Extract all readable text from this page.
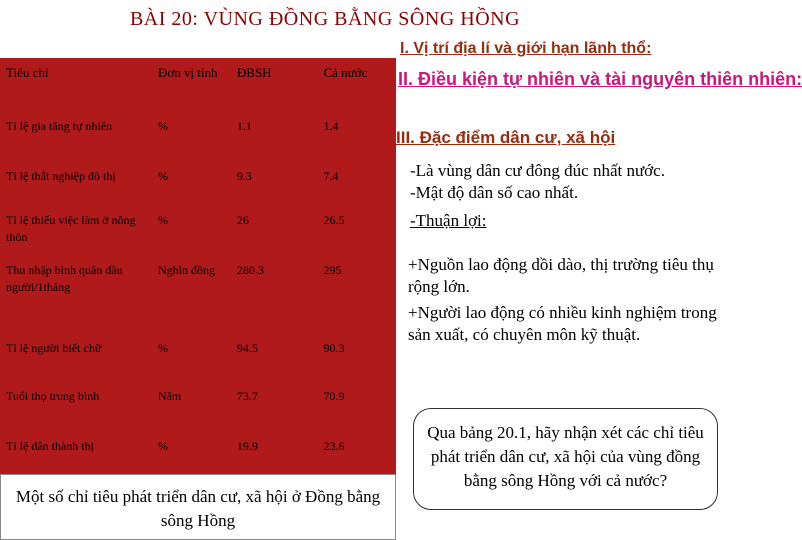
BÀI 20: VÙNG ĐỒNG BẰNG SÔNG HỒNG
Tiêu chí	Đơn vị tính	ĐBSH	Cả nước
Tỉ lệ gia tăng tự nhiên	%	1.1	1.4
Tỉ lệ thất nghiệp đô thị	%	9.3	7.4
Tỉ lệ thiếu việc làm ở nông thôn	%	26	26.5
Thu nhập bình quân đầu người/1tháng	Nghìn đồng	280.3	295
Tỉ lệ người biết chữ	%	94.5	90.3
Tuổi thọ trung bình	Năm	73.7	70.9
Tỉ lệ dân thành thị	%	19.9	23.6
Một số chỉ tiêu phát triển dân cư, xã hội ở Đồng bằng sông Hồng
I. Vị trí địa lí và giới hạn lãnh thổ:
II. Điều kiện tự nhiên và tài nguyên thiên nhiên:
III. Đặc điểm dân cư, xã hội
-Là vùng dân cư đông đúc nhất nước.
-Mật độ dân số cao nhất.
-Thuận lợi:
+Nguồn lao động dồi dào, thị trường tiêu thụ rộng lớn.
+Người lao động có nhiều kinh nghiệm trong sản xuất, có chuyên môn kỹ thuật.
Qua bảng 20.1, hãy nhận xét các chỉ tiêu phát triển dân cư, xã hội của vùng đồng bằng sông Hồng với cả nước?
